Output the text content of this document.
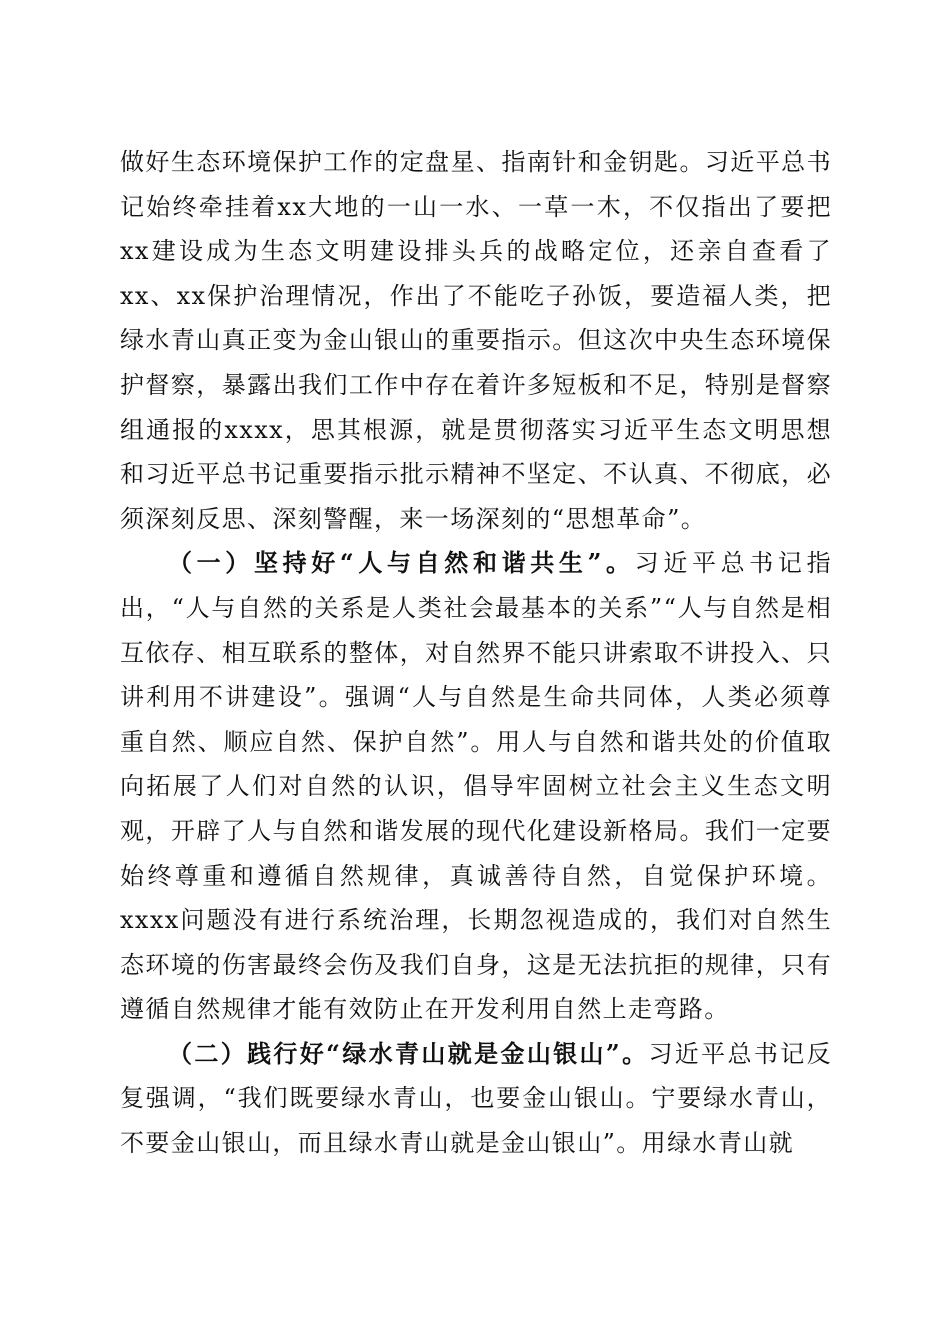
做好生态环境保护工作的定盘星、指南针和金钥匙。习近平总书记始终牵挂着xx大地的一山一水、一草一木，不仅指出了要把xx建设成为生态文明建设排头兵的战略定位，还亲自查看了xx、xx保护治理情况，作出了不能吃子孙饭，要造福人类，把绿水青山真正变为金山银山的重要指示。但这次中央生态环境保护督察，暴露出我们工作中存在着许多短板和不足，特别是督察组通报的xxxx，思其根源，就是贯彻落实习近平生态文明思想和习近平总书记重要指示批示精神不坚定、不认真、不彻底，必须深刻反思、深刻警醒，来一场深刻的“思想革命”。

（一）坚持好“人与自然和谐共生”。习近平总书记指出，“人与自然的关系是人类社会最基本的关系”“人与自然是相互依存、相互联系的整体，对自然界不能只讲索取不讲投入、只讲利用不讲建设”。强调“人与自然是生命共同体，人类必须尊重自然、顺应自然、保护自然”。用人与自然和谐共处的价值取向拓展了人们对自然的认识，倡导牢固树立社会主义生态文明观，开辟了人与自然和谐发展的现代化建设新格局。我们一定要始终尊重和遵循自然规律，真诚善待自然，自觉保护环境。xxxx问题没有进行系统治理，长期忽视造成的，我们对自然生态环境的伤害最终会伤及我们自身，这是无法抗拒的规律，只有遵循自然规律才能有效防止在开发利用自然上走弯路。

（二）践行好“绿水青山就是金山银山”。习近平总书记反复强调，“我们既要绿水青山，也要金山银山。宁要绿水青山，不要金山银山，而且绿水青山就是金山银山”。用绿水青山就
